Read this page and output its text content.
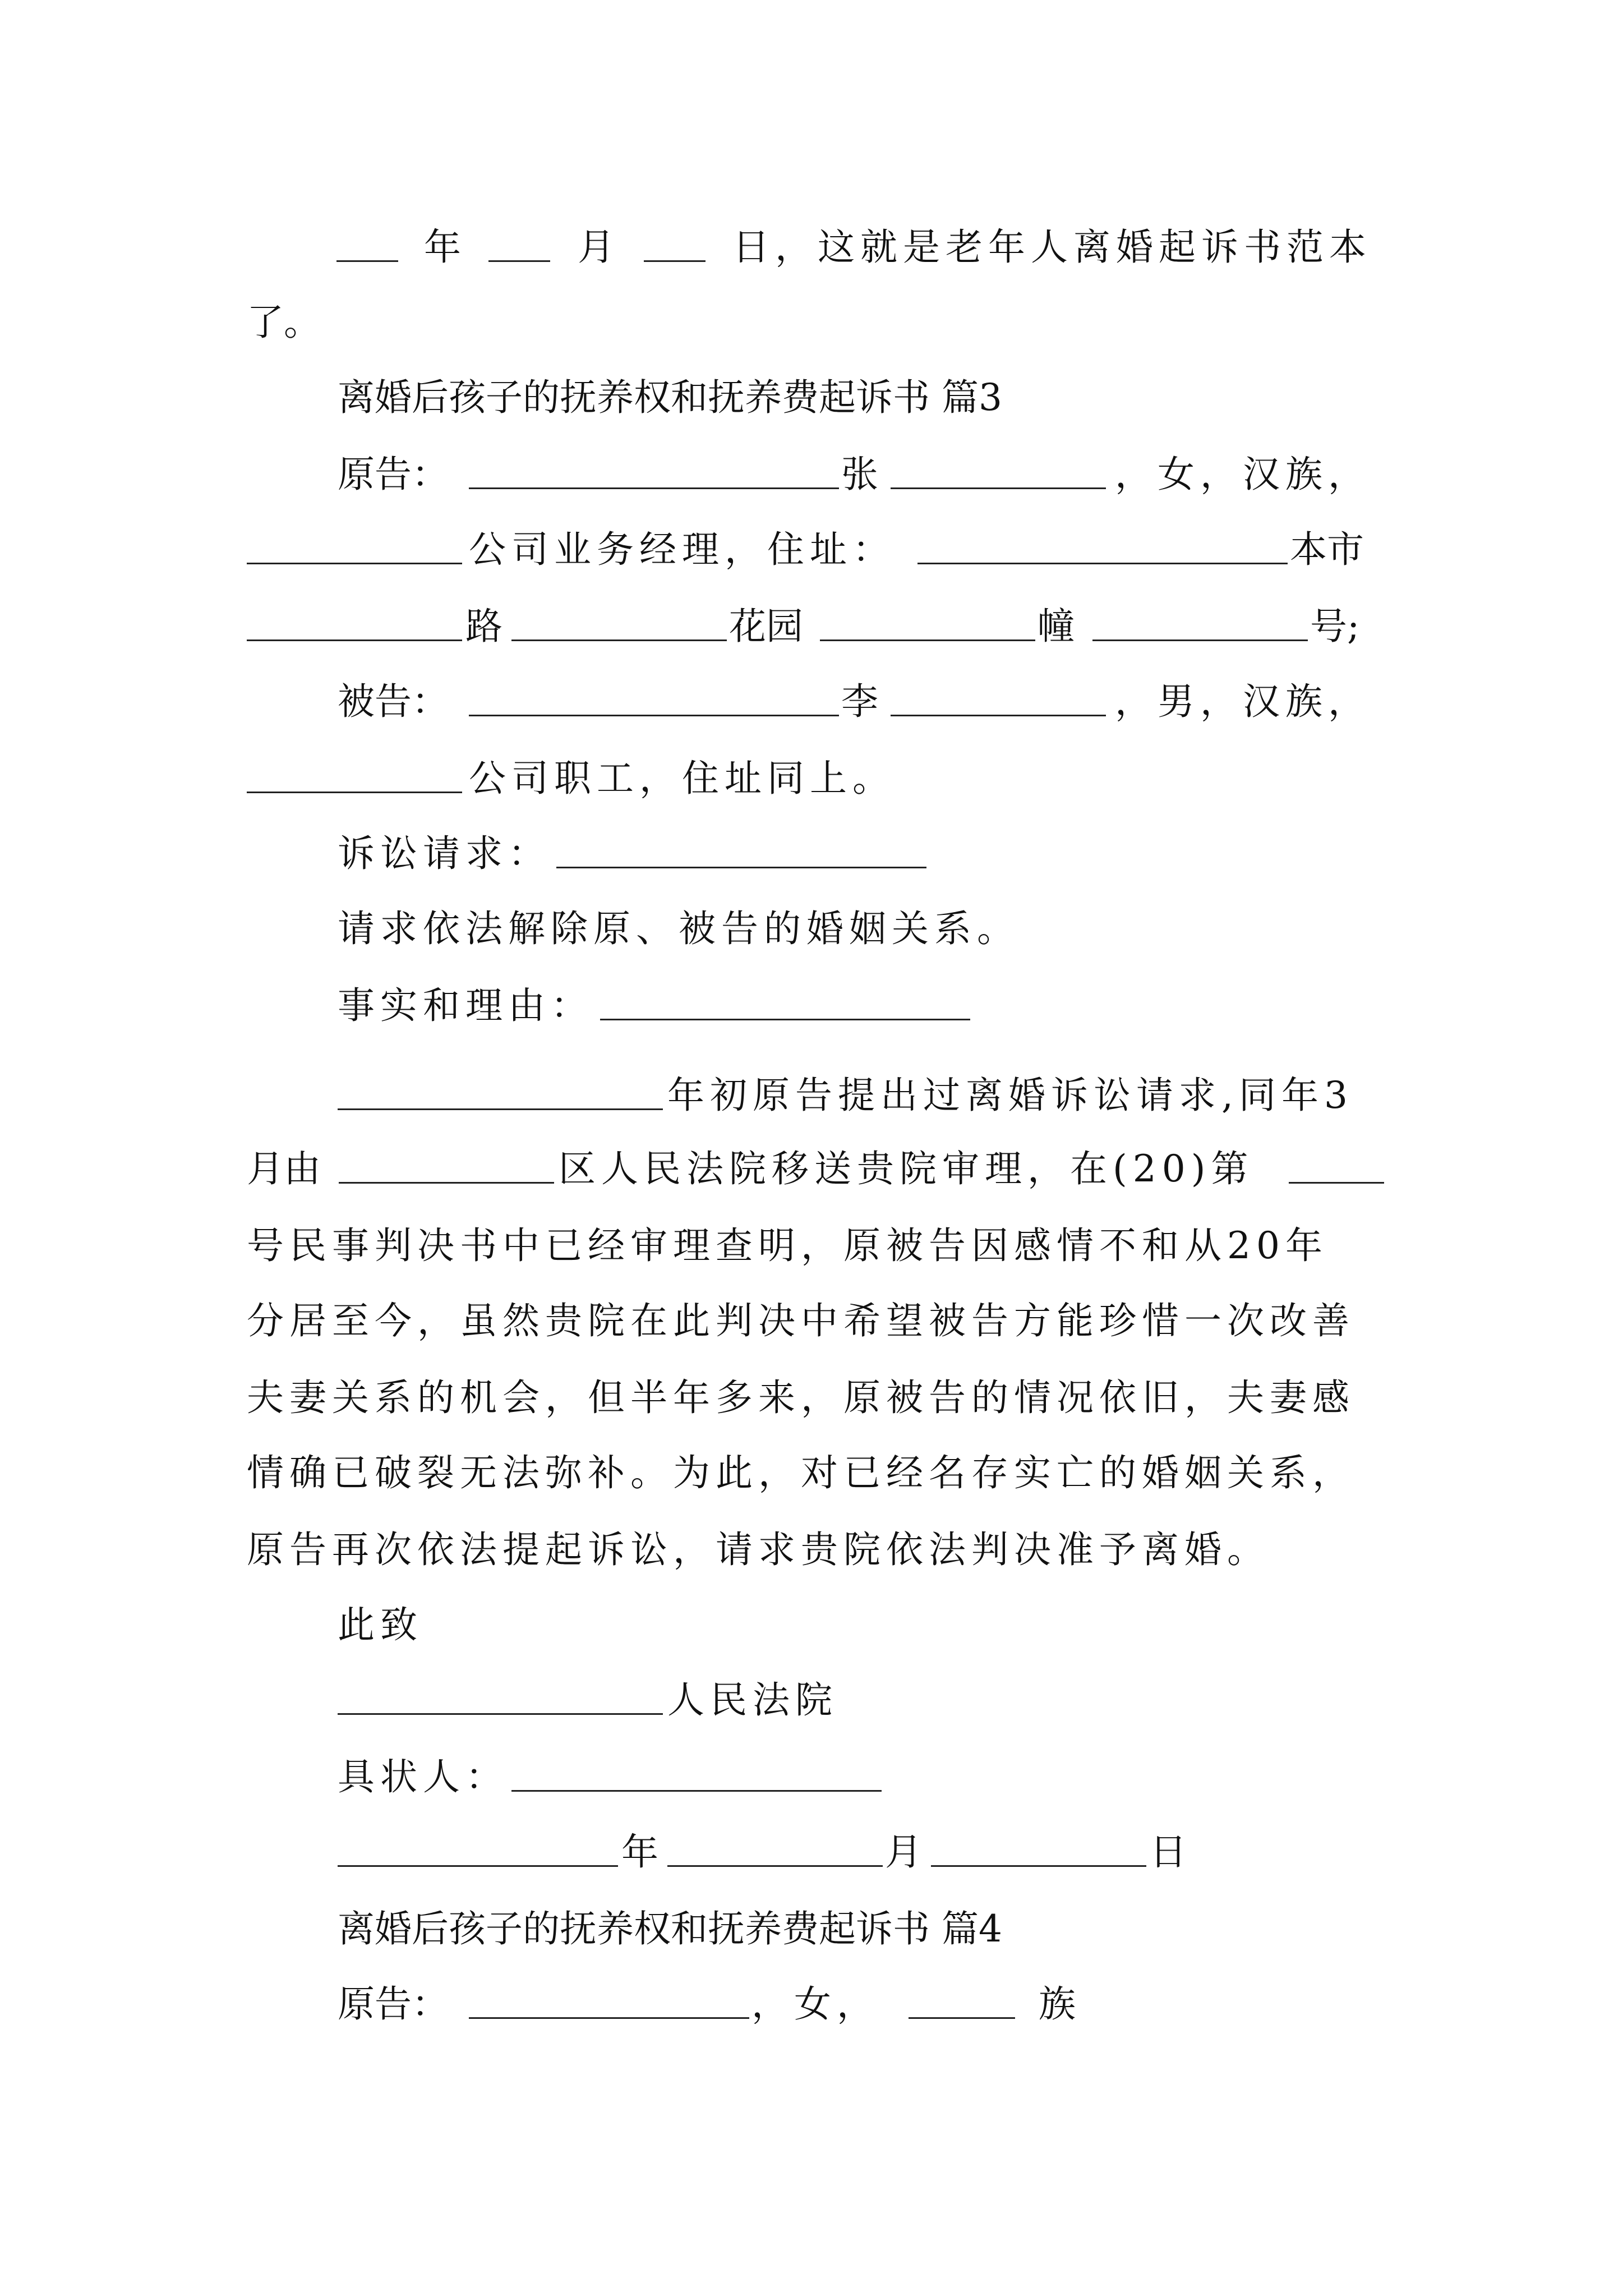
年	月	日，这就是老年人离婚起诉书范本
了。
离婚后孩子的抚养权和抚养费起诉书 篇3
原告：	张	，女，汉族，
公司业务经理，住址：	本市
路	花园	幢	号;
被告：	李	，男，汉族，
公司职工，住址同上。
诉讼请求：
请求依法解除原、被告的婚姻关系。
事实和理由：
年初原告提出过离婚诉讼请求,同年3
月由	区人民法院移送贵院审理，在(20)第
号民事判决书中已经审理查明，原被告因感情不和从20年
分居至今，虽然贵院在此判决中希望被告方能珍惜一次改善
夫妻关系的机会，但半年多来，原被告的情况依旧，夫妻感
情确已破裂无法弥补。为此，对已经名存实亡的婚姻关系，
原告再次依法提起诉讼，请求贵院依法判决准予离婚。
此致
人民法院
具状人：
年	月	日
离婚后孩子的抚养权和抚养费起诉书 篇4
原告：	，女，	族
